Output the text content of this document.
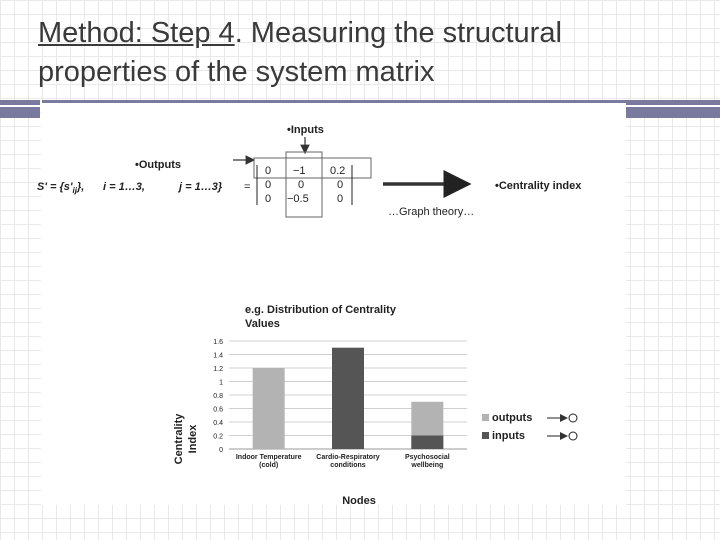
Method: Step 4. Measuring the structural properties of the system matrix
•Inputs
•Outputs
$S' = \{s'_{ij}\}$, i = 1…3,	j = 1…3} =
0 −1 0.2
0 0	0
0 −0.5	0
•Centrality index
…Graph theory…
e.g. Distribution of Centrality
Values
Centrality Index	0
0.2
0.4
0.6
0.8
1
1.2
1.4
1.6
Indoor Temperature
(cold)
Cardio-Respiratory
conditions
Psychosocial
wellbeing
outputs
inputs
Nodes
